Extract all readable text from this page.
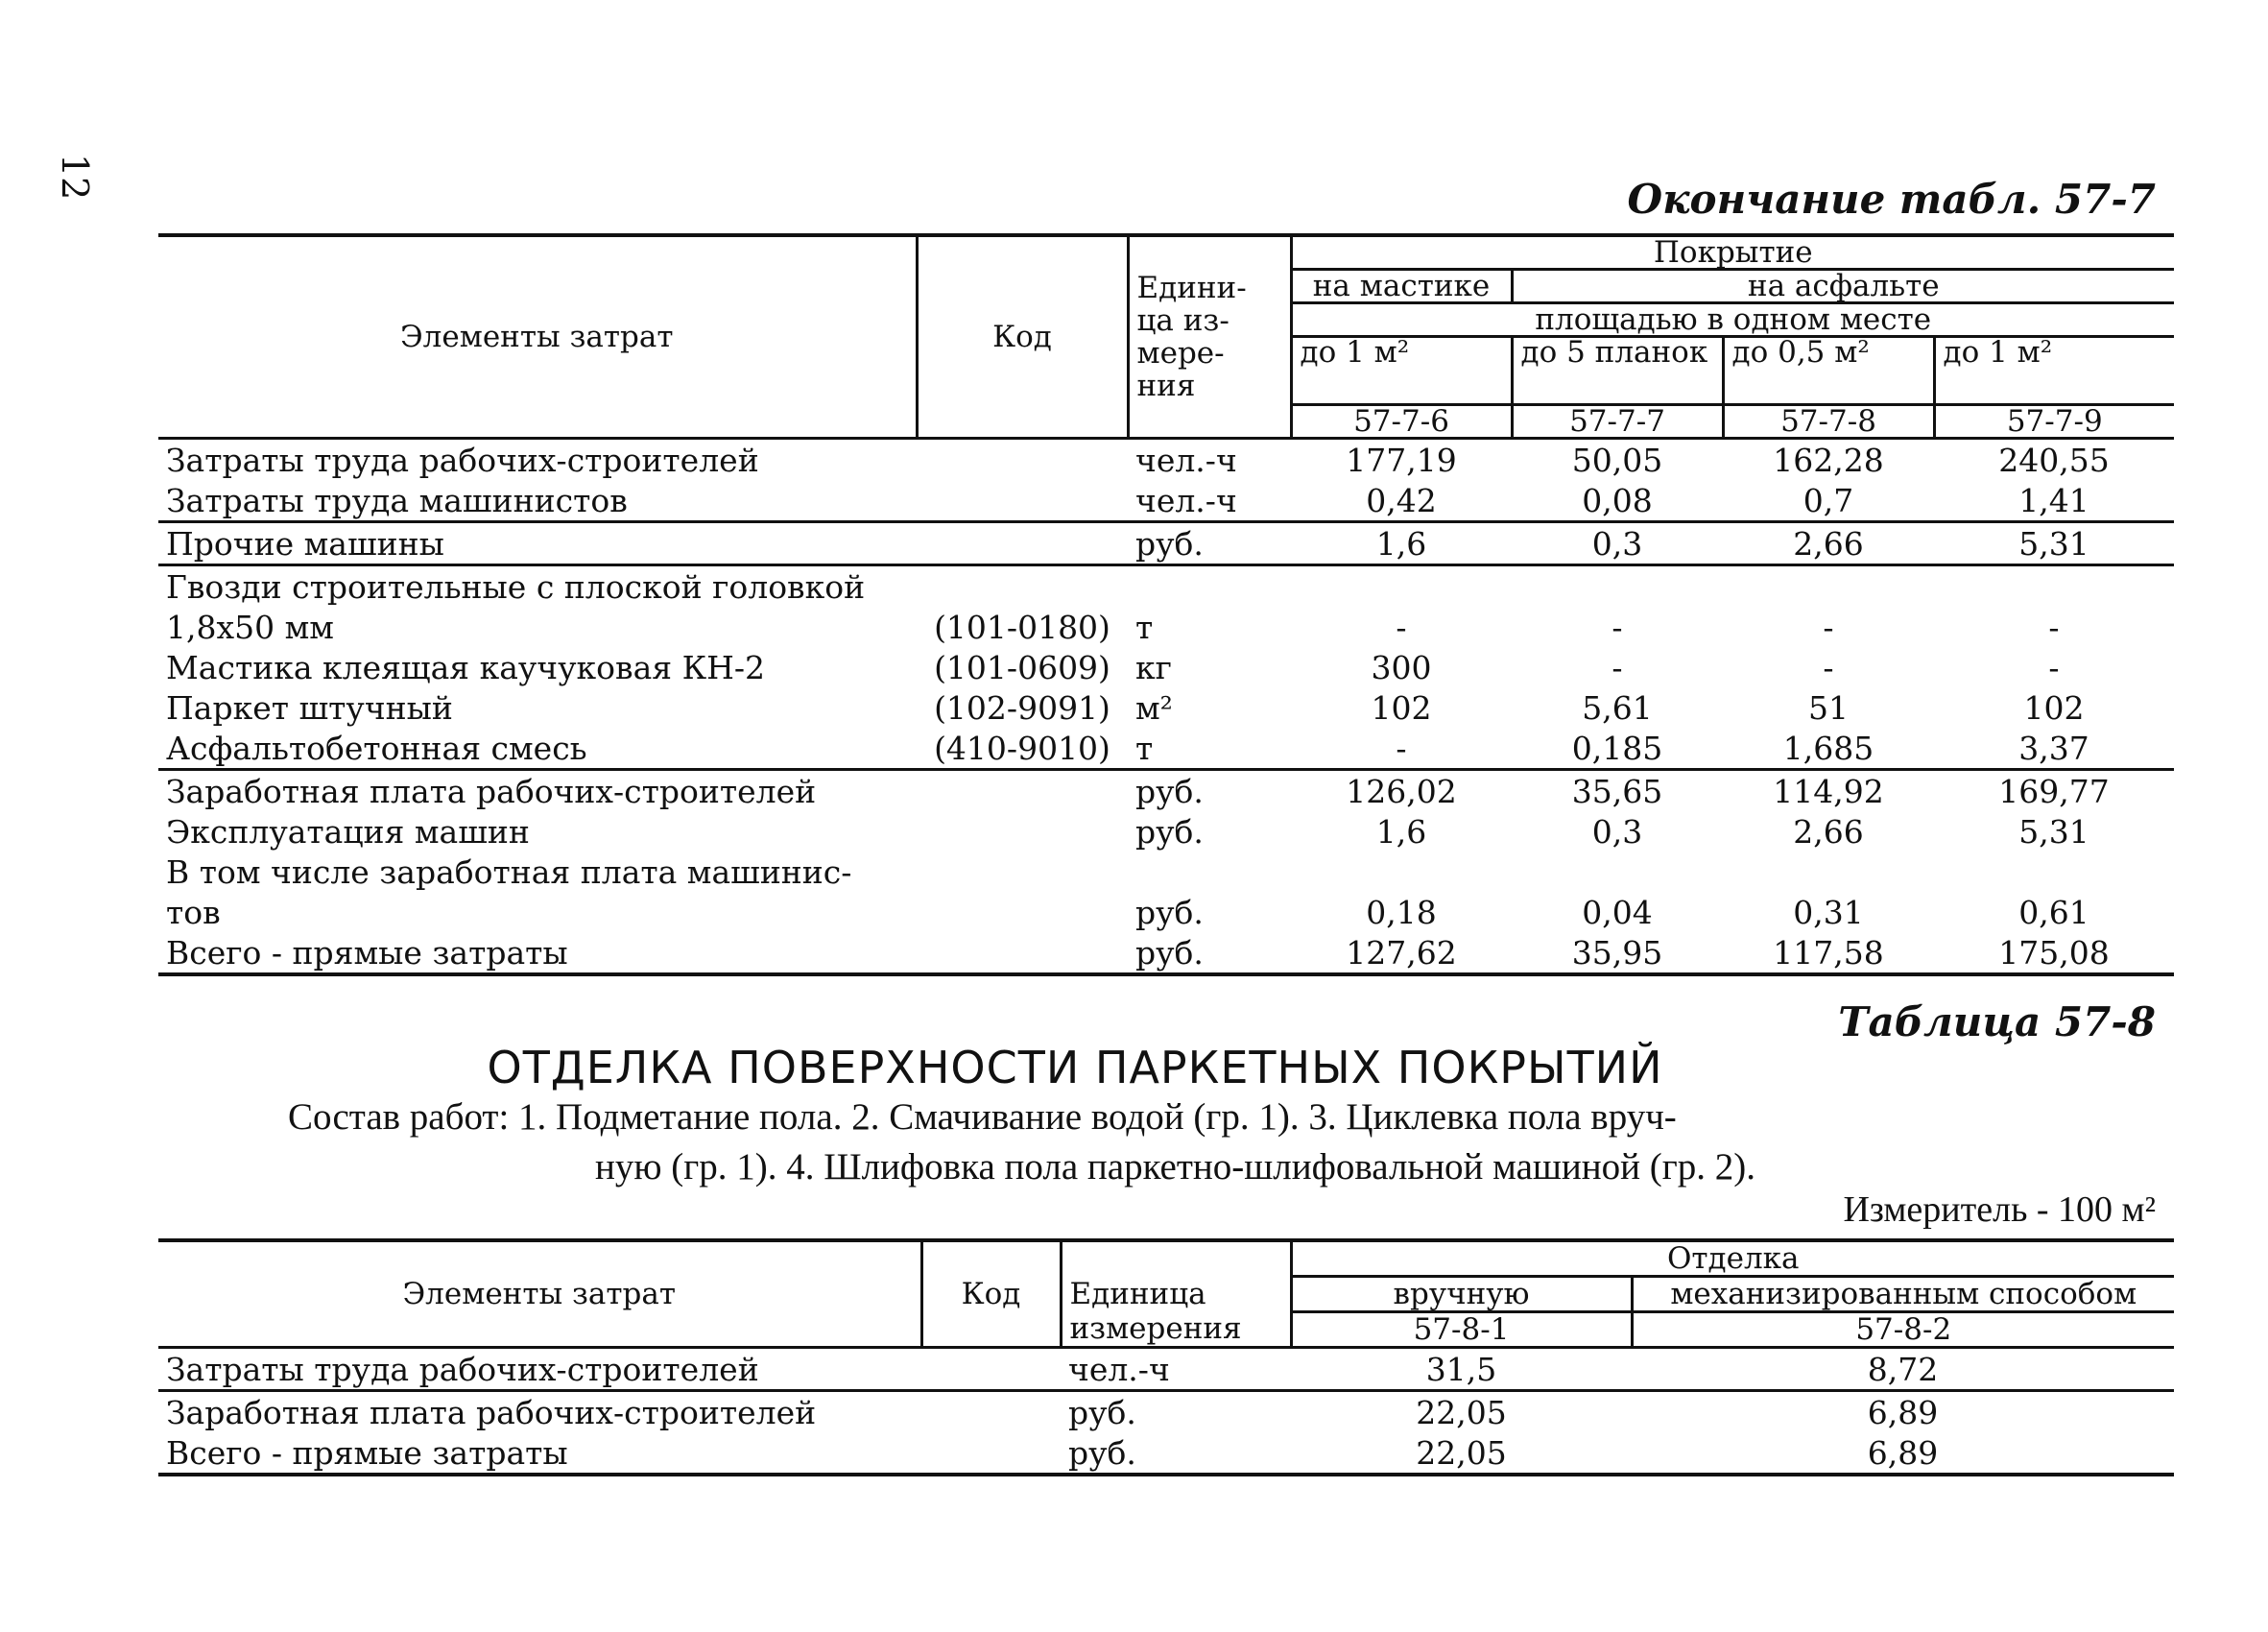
12	Окончание табл. 57-7
Элементы затрат	Код	Едини-ца из-мере-ния	Покрытие			
			на мастике	на асфальте		
			площадью в одном месте			
			до 1 м²	до 5 планок	до 0,5 м²	до 1 м²
			57-7-6	57-7-7	57-7-8	57-7-9
Затраты труда рабочих-строителей		чел.-ч	177,19	50,05	162,28	240,55
Затраты труда машинистов		чел.-ч	0,42	0,08	0,7	1,41
Прочие машины		руб.	1,6	0,3	2,66	5,31
Гвозди строительные с плоской головкой						
1,8х50 мм	(101-0180)	т	-	-	-	-
Мастика клеящая каучуковая КН-2	(101-0609)	кг	300	-	-	-
Паркет штучный	(102-9091)	м²	102	5,61	51	102
Асфальтобетонная смесь	(410-9010)	т	-	0,185	1,685	3,37
Заработная плата рабочих-строителей		руб.	126,02	35,65	114,92	169,77
Эксплуатация машин		руб.	1,6	0,3	2,66	5,31
В том числе заработная плата машинис-						
тов		руб.	0,18	0,04	0,31	0,61
Всего - прямые затраты		руб.	127,62	35,95	117,58	175,08
Таблица 57-8
ОТДЕЛКА ПОВЕРХНОСТИ ПАРКЕТНЫХ ПОКРЫТИЙ
Состав работ: 1. Подметание пола. 2. Смачивание водой (гр. 1). 3. Циклевка пола вруч-
ную (гр. 1). 4. Шлифовка пола паркетно-шлифовальной машиной (гр. 2).
Измеритель - 100 м²
Элементы затрат	Код	Единица измерения	Отделка	
			вручную	механизированным способом
			57-8-1	57-8-2
Затраты труда рабочих-строителей		чел.-ч	31,5	8,72
Заработная плата рабочих-строителей		руб.	22,05	6,89
Всего - прямые затраты		руб.	22,05	6,89
